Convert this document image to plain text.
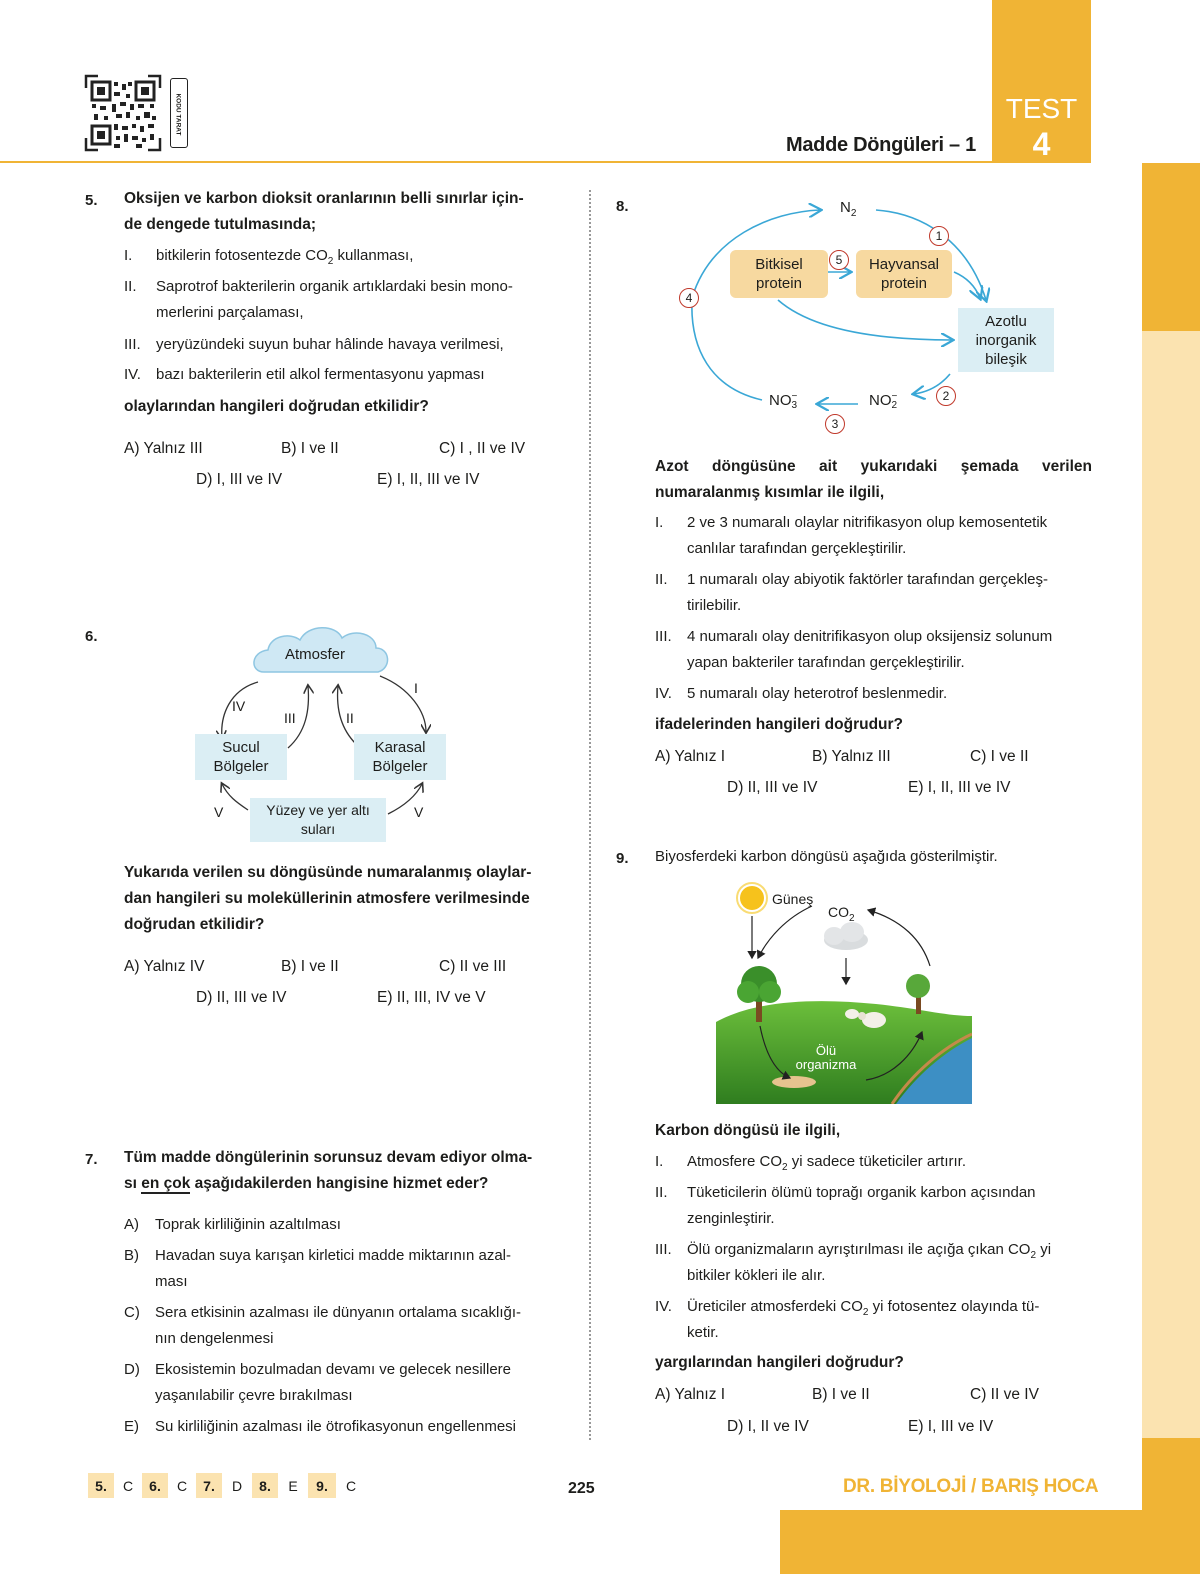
KODU TARAT
Madde Döngüleri – 1
TEST
4
5. Oksijen ve karbon dioksit oranlarının belli sınırlar için-
de dengede tutulmasında;
I. bitkilerin fotosentezde $CO_2$ kullanması,
II. Saprotrof bakterilerin organik artıklardaki besin mono-
merlerini parçalaması,
III. yeryüzündeki suyun buhar hâlinde havaya verilmesi,
IV. bazı bakterilerin etil alkol fermentasyonu yapması
olaylarından hangileri doğrudan etkilidir?
A) Yalnız III	B) I ve II	C) I , II ve IV
D) I, III ve IV	E) I, II, III ve IV
6.
Atmosfer
Sucul
Bölgeler
Karasal
Bölgeler
Yüzey ve yer altı
suları
I
II
III
IV
V	V
Yukarıda verilen su döngüsünde numaralanmış olaylar-
dan hangileri su moleküllerinin atmosfere verilmesinde
doğrudan etkilidir?
A) Yalnız IV	B) I ve II	C) II ve III
D) II, III ve IV	E) II, III, IV ve V
7. Tüm madde döngülerinin sorunsuz devam ediyor olma-
sı en çok aşağıdakilerden hangisine hizmet eder?
A) Toprak kirliliğinin azaltılması
B) Havadan suya karışan kirletici madde miktarının azal-
ması
C) Sera etkisinin azalması ile dünyanın ortalama sıcaklığı-
nın dengelenmesi
D) Ekosistemin bozulmadan devamı ve gelecek nesillere
yaşanılabilir çevre bırakılması
E) Su kirliliğinin azalması ile ötrofikasyonun engellenmesi
8.	$N_2$
Bitkisel
protein
Hayvansal
protein
Azotlu
inorganik
bileşik
NO −
3	NO −
2
1
2
3
4
5
Azot döngüsüne ait yukarıdaki şemada verilen
numaralanmış kısımlar ile ilgili,
I. 2 ve 3 numaralı olaylar nitrifikasyon olup kemosentetik
canlılar tarafından gerçekleştirilir.
II. 1 numaralı olay abiyotik faktörler tarafından gerçekleş-
tirilebilir.
III. 4 numaralı olay denitrifikasyon olup oksijensiz solunum
yapan bakteriler tarafından gerçekleştirilir.
IV. 5 numaralı olay heterotrof beslenmedir.
ifadelerinden hangileri doğrudur?
A) Yalnız I	B) Yalnız III	C) I ve II
D) II, III ve IV	E) I, II, III ve IV
9. Biyosferdeki karbon döngüsü aşağıda gösterilmiştir.
Güneş
$CO_2$
Ölü
organizma
Karbon döngüsü ile ilgili,
I. Atmosfere $CO_2$ yi sadece tüketiciler artırır.
II. Tüketicilerin ölümü toprağı organik karbon açısından
zenginleştirir.
III. Ölü organizmaların ayrıştırılması ile açığa çıkan $CO_2$ yi
bitkiler kökleri ile alır.
IV. Üreticiler atmosferdeki $CO_2$ yi fotosentez olayında tü-
ketir.
yargılarından hangileri doğrudur?
A) Yalnız I	B) I ve II	C) II ve IV
D) I, II ve IV	E) I, III ve IV
5.	C	6.	C	7.	D	8.	E	9.	C	225	DR. BİYOLOJİ / BARIŞ HOCA
